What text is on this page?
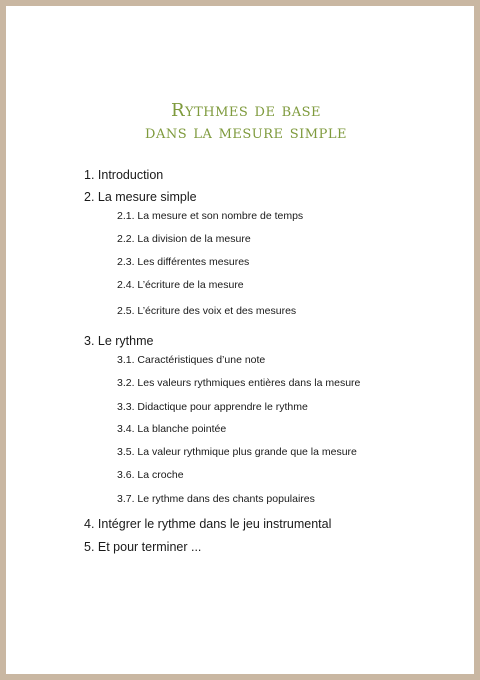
Rythmes de base
dans la mesure simple
1. Introduction
2. La mesure simple
2.1. La mesure et son nombre de temps
2.2. La division de la mesure
2.3. Les différentes mesures
2.4. L’écriture de la mesure
2.5. L’écriture des voix et des mesures
3. Le rythme
3.1. Caractéristiques d’une note
3.2. Les valeurs rythmiques entières dans la mesure
3.3. Didactique pour apprendre le rythme
3.4. La blanche pointée
3.5. La valeur rythmique plus grande que la mesure
3.6. La croche
3.7. Le rythme dans des chants populaires
4. Intégrer le rythme dans le jeu instrumental
5. Et pour terminer ...
